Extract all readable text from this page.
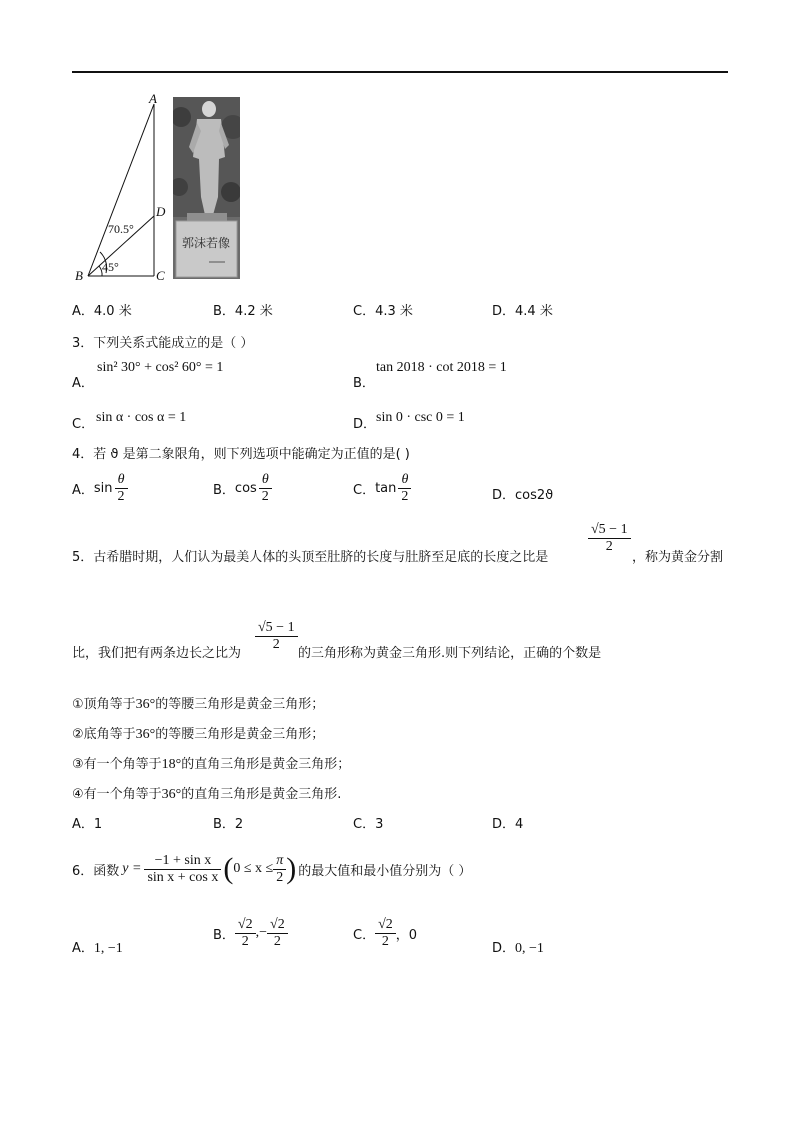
A
D
B	C
70.5°
45°
郭沫若像
A．4.0 米	B．4.2 米	C．4.3 米	D．4.4 米
3．下列关系式能成立的是（ ）
A．
sin² 30° + cos² 60° = 1
B．
tan 2018 · cot 2018 = 1
C． sin α · cos α = 1	D． sin 0 · csc 0 = 1
4．若 ϑ 是第二象限角，则下列选项中能确定为正值的是( )
A． $\sin \frac{\theta}{2}$	B． $\cos \frac{\theta}{2}$	C． $\tan \frac{\theta}{2}$	D．cos2ϑ
5．古希腊时期，人们认为最美人体的头顶至肚脐的长度与肚脐至足底的长度之比是
$\frac{√5 - 1}{2}$
，称为黄金分割
比，我们把有两条边长之比为
$\frac{√5 - 1}{2}$
的三角形称为黄金三角形.则下列结论，正确的个数是
①顶角等于36°的等腰三角形是黄金三角形；
②底角等于36°的等腰三角形是黄金三角形；
③有一个角等于18°的直角三角形是黄金三角形；
④有一个角等于36°的直角三角形是黄金三角形.
A．1	B．2	C．3	D．4
6．函数 $y = \frac{\text{−1 + sin x}}{\text{sin x + cos x}}$ ( $0 \le x \le \frac{\pi}{2}$ ) 的最大值和最小值分别为（ ）
A．1, −1
B． $\frac{√2}{2}$ ,− $\frac{√2}{2}$	C． $\frac{√2}{2}$ ，0
D．0, −1
